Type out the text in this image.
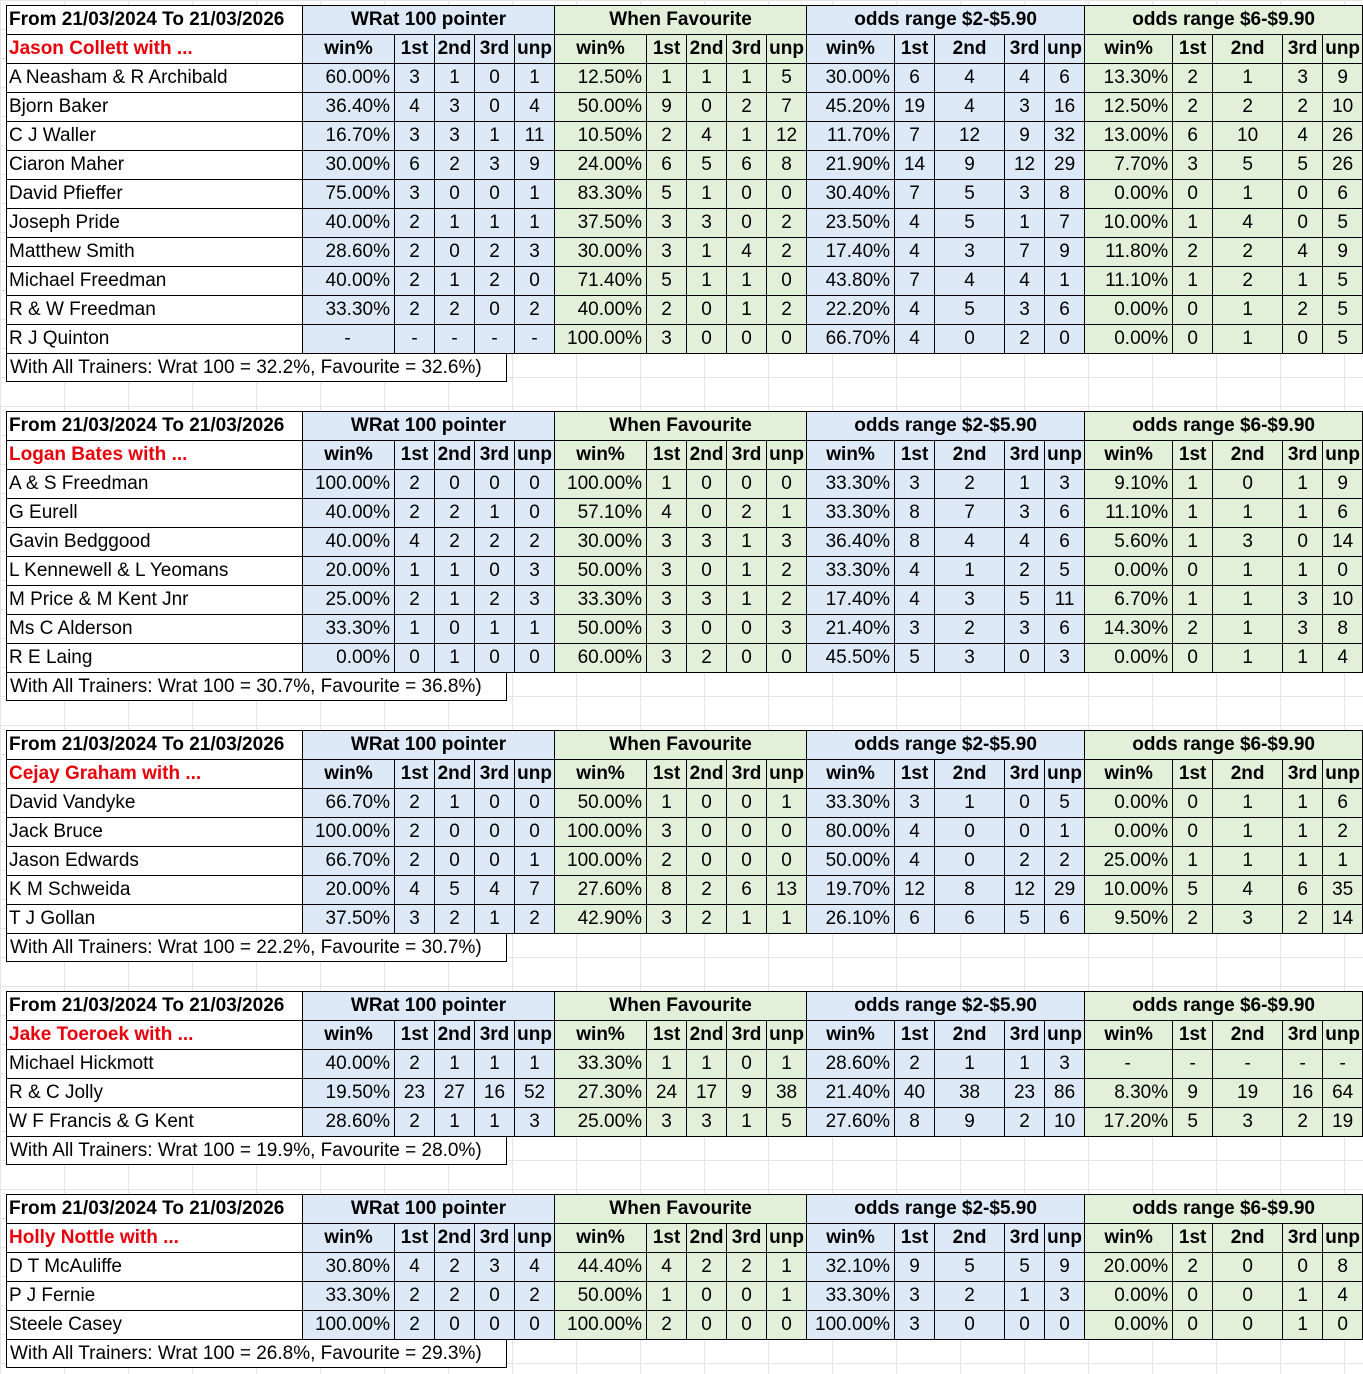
From 21/03/2024 To 21/03/2026	WRat 100 pointer					When Favourite					odds range $2-$5.90					odds range $6-$9.90				
Jason Collett with ...	win%	1st	2nd	3rd	unp	win%	1st	2nd	3rd	unp	win%	1st	2nd	3rd	unp	win%	1st	2nd	3rd	unp
A Neasham & R Archibald	60.00%	3	1	0	1	12.50%	1	1	1	5	30.00%	6	4	4	6	13.30%	2	1	3	9
Bjorn Baker	36.40%	4	3	0	4	50.00%	9	0	2	7	45.20%	19	4	3	16	12.50%	2	2	2	10
C J Waller	16.70%	3	3	1	11	10.50%	2	4	1	12	11.70%	7	12	9	32	13.00%	6	10	4	26
Ciaron Maher	30.00%	6	2	3	9	24.00%	6	5	6	8	21.90%	14	9	12	29	7.70%	3	5	5	26
David Pfieffer	75.00%	3	0	0	1	83.30%	5	1	0	0	30.40%	7	5	3	8	0.00%	0	1	0	6
Joseph Pride	40.00%	2	1	1	1	37.50%	3	3	0	2	23.50%	4	5	1	7	10.00%	1	4	0	5
Matthew Smith	28.60%	2	0	2	3	30.00%	3	1	4	2	17.40%	4	3	7	9	11.80%	2	2	4	9
Michael Freedman	40.00%	2	1	2	0	71.40%	5	1	1	0	43.80%	7	4	4	1	11.10%	1	2	1	5
R & W Freedman	33.30%	2	2	0	2	40.00%	2	0	1	2	22.20%	4	5	3	6	0.00%	0	1	2	5
R J Quinton	-	-	-	-	-	100.00%	3	0	0	0	66.70%	4	0	2	0	0.00%	0	1	0	5
With All Trainers: Wrat 100 = 32.2%, Favourite = 32.6%)
From 21/03/2024 To 21/03/2026	WRat 100 pointer					When Favourite					odds range $2-$5.90					odds range $6-$9.90				
Logan Bates with ...	win%	1st	2nd	3rd	unp	win%	1st	2nd	3rd	unp	win%	1st	2nd	3rd	unp	win%	1st	2nd	3rd	unp
A & S Freedman	100.00%	2	0	0	0	100.00%	1	0	0	0	33.30%	3	2	1	3	9.10%	1	0	1	9
G Eurell	40.00%	2	2	1	0	57.10%	4	0	2	1	33.30%	8	7	3	6	11.10%	1	1	1	6
Gavin Bedggood	40.00%	4	2	2	2	30.00%	3	3	1	3	36.40%	8	4	4	6	5.60%	1	3	0	14
L Kennewell & L Yeomans	20.00%	1	1	0	3	50.00%	3	0	1	2	33.30%	4	1	2	5	0.00%	0	1	1	0
M Price & M Kent Jnr	25.00%	2	1	2	3	33.30%	3	3	1	2	17.40%	4	3	5	11	6.70%	1	1	3	10
Ms C Alderson	33.30%	1	0	1	1	50.00%	3	0	0	3	21.40%	3	2	3	6	14.30%	2	1	3	8
R E Laing	0.00%	0	1	0	0	60.00%	3	2	0	0	45.50%	5	3	0	3	0.00%	0	1	1	4
With All Trainers: Wrat 100 = 30.7%, Favourite = 36.8%)
From 21/03/2024 To 21/03/2026	WRat 100 pointer					When Favourite					odds range $2-$5.90					odds range $6-$9.90				
Cejay Graham with ...	win%	1st	2nd	3rd	unp	win%	1st	2nd	3rd	unp	win%	1st	2nd	3rd	unp	win%	1st	2nd	3rd	unp
David Vandyke	66.70%	2	1	0	0	50.00%	1	0	0	1	33.30%	3	1	0	5	0.00%	0	1	1	6
Jack Bruce	100.00%	2	0	0	0	100.00%	3	0	0	0	80.00%	4	0	0	1	0.00%	0	1	1	2
Jason Edwards	66.70%	2	0	0	1	100.00%	2	0	0	0	50.00%	4	0	2	2	25.00%	1	1	1	1
K M Schweida	20.00%	4	5	4	7	27.60%	8	2	6	13	19.70%	12	8	12	29	10.00%	5	4	6	35
T J Gollan	37.50%	3	2	1	2	42.90%	3	2	1	1	26.10%	6	6	5	6	9.50%	2	3	2	14
With All Trainers: Wrat 100 = 22.2%, Favourite = 30.7%)
From 21/03/2024 To 21/03/2026	WRat 100 pointer					When Favourite					odds range $2-$5.90					odds range $6-$9.90				
Jake Toeroek with ...	win%	1st	2nd	3rd	unp	win%	1st	2nd	3rd	unp	win%	1st	2nd	3rd	unp	win%	1st	2nd	3rd	unp
Michael Hickmott	40.00%	2	1	1	1	33.30%	1	1	0	1	28.60%	2	1	1	3	-	-	-	-	-
R & C Jolly	19.50%	23	27	16	52	27.30%	24	17	9	38	21.40%	40	38	23	86	8.30%	9	19	16	64
W F Francis & G Kent	28.60%	2	1	1	3	25.00%	3	3	1	5	27.60%	8	9	2	10	17.20%	5	3	2	19
With All Trainers: Wrat 100 = 19.9%, Favourite = 28.0%)
From 21/03/2024 To 21/03/2026	WRat 100 pointer					When Favourite					odds range $2-$5.90					odds range $6-$9.90				
Holly Nottle with ...	win%	1st	2nd	3rd	unp	win%	1st	2nd	3rd	unp	win%	1st	2nd	3rd	unp	win%	1st	2nd	3rd	unp
D T McAuliffe	30.80%	4	2	3	4	44.40%	4	2	2	1	32.10%	9	5	5	9	20.00%	2	0	0	8
P J Fernie	33.30%	2	2	0	2	50.00%	1	0	0	1	33.30%	3	2	1	3	0.00%	0	0	1	4
Steele Casey	100.00%	2	0	0	0	100.00%	2	0	0	0	100.00%	3	0	0	0	0.00%	0	0	1	0
With All Trainers: Wrat 100 = 26.8%, Favourite = 29.3%)
